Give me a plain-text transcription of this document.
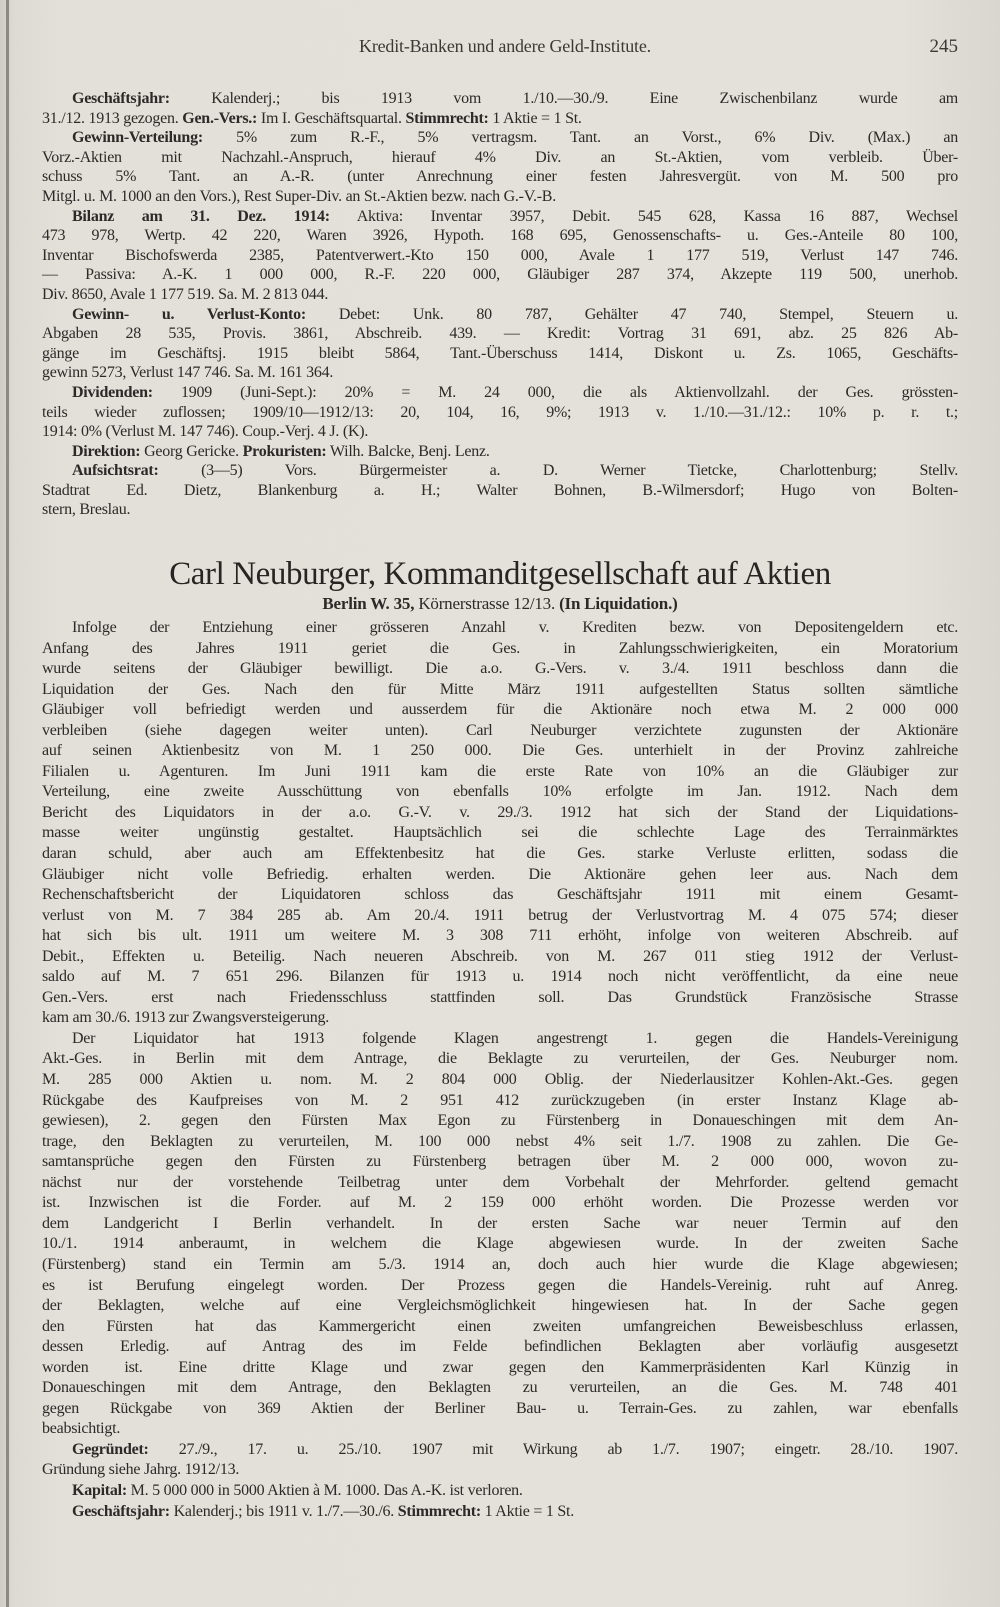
Kredit-Banken und andere Geld-Institute.	245
Geschäftsjahr: Kalenderj.; bis 1913 vom 1./10.—30./9. Eine Zwischenbilanz wurde am
31./12. 1913 gezogen. Gen.-Vers.: Im I. Geschäftsquartal. Stimmrecht: 1 Aktie = 1 St.
Gewinn-Verteilung: 5% zum R.-F., 5% vertragsm. Tant. an Vorst., 6% Div. (Max.) an
Vorz.-Aktien mit Nachzahl.-Anspruch, hierauf 4% Div. an St.-Aktien, vom verbleib. Über-
schuss 5% Tant. an A.-R. (unter Anrechnung einer festen Jahresvergüt. von M. 500 pro
Mitgl. u. M. 1000 an den Vors.), Rest Super-Div. an St.-Aktien bezw. nach G.-V.-B.
Bilanz am 31. Dez. 1914: Aktiva: Inventar 3957, Debit. 545 628, Kassa 16 887, Wechsel
473 978, Wertp. 42 220, Waren 3926, Hypoth. 168 695, Genossenschafts- u. Ges.-Anteile 80 100,
Inventar Bischofswerda 2385, Patentverwert.-Kto 150 000, Avale 1 177 519, Verlust 147 746.
— Passiva: A.-K. 1 000 000, R.-F. 220 000, Gläubiger 287 374, Akzepte 119 500, unerhob.
Div. 8650, Avale 1 177 519. Sa. M. 2 813 044.
Gewinn- u. Verlust-Konto: Debet: Unk. 80 787, Gehälter 47 740, Stempel, Steuern u.
Abgaben 28 535, Provis. 3861, Abschreib. 439. — Kredit: Vortrag 31 691, abz. 25 826 Ab-
gänge im Geschäftsj. 1915 bleibt 5864, Tant.-Überschuss 1414, Diskont u. Zs. 1065, Geschäfts-
gewinn 5273, Verlust 147 746. Sa. M. 161 364.
Dividenden: 1909 (Juni-Sept.): 20% = M. 24 000, die als Aktienvollzahl. der Ges. grössten-
teils wieder zuflossen; 1909/10—1912/13: 20, 104, 16, 9%; 1913 v. 1./10.—31./12.: 10% p. r. t.;
1914: 0% (Verlust M. 147 746). Coup.-Verj. 4 J. (K).
Direktion: Georg Gericke. Prokuristen: Wilh. Balcke, Benj. Lenz.
Aufsichtsrat: (3—5) Vors. Bürgermeister a. D. Werner Tietcke, Charlottenburg; Stellv.
Stadtrat Ed. Dietz, Blankenburg a. H.; Walter Bohnen, B.-Wilmersdorf; Hugo von Bolten-
stern, Breslau.
Carl Neuburger, Kommanditgesellschaft auf Aktien
Berlin W. 35, Körnerstrasse 12/13. (In Liquidation.)
Infolge der Entziehung einer grösseren Anzahl v. Krediten bezw. von Depositengeldern etc.
Anfang des Jahres 1911 geriet die Ges. in Zahlungsschwierigkeiten, ein Moratorium
wurde seitens der Gläubiger bewilligt. Die a.o. G.-Vers. v. 3./4. 1911 beschloss dann die
Liquidation der Ges. Nach den für Mitte März 1911 aufgestellten Status sollten sämtliche
Gläubiger voll befriedigt werden und ausserdem für die Aktionäre noch etwa M. 2 000 000
verbleiben (siehe dagegen weiter unten). Carl Neuburger verzichtete zugunsten der Aktionäre
auf seinen Aktienbesitz von M. 1 250 000. Die Ges. unterhielt in der Provinz zahlreiche
Filialen u. Agenturen. Im Juni 1911 kam die erste Rate von 10% an die Gläubiger zur
Verteilung, eine zweite Ausschüttung von ebenfalls 10% erfolgte im Jan. 1912. Nach dem
Bericht des Liquidators in der a.o. G.-V. v. 29./3. 1912 hat sich der Stand der Liquidations-
masse weiter ungünstig gestaltet. Hauptsächlich sei die schlechte Lage des Terrainmärktes
daran schuld, aber auch am Effektenbesitz hat die Ges. starke Verluste erlitten, sodass die
Gläubiger nicht volle Befriedig. erhalten werden. Die Aktionäre gehen leer aus. Nach dem
Rechenschaftsbericht der Liquidatoren schloss das Geschäftsjahr 1911 mit einem Gesamt-
verlust von M. 7 384 285 ab. Am 20./4. 1911 betrug der Verlustvortrag M. 4 075 574; dieser
hat sich bis ult. 1911 um weitere M. 3 308 711 erhöht, infolge von weiteren Abschreib. auf
Debit., Effekten u. Beteilig. Nach neueren Abschreib. von M. 267 011 stieg 1912 der Verlust-
saldo auf M. 7 651 296. Bilanzen für 1913 u. 1914 noch nicht veröffentlicht, da eine neue
Gen.-Vers. erst nach Friedensschluss stattfinden soll. Das Grundstück Französische Strasse
kam am 30./6. 1913 zur Zwangsversteigerung.
Der Liquidator hat 1913 folgende Klagen angestrengt 1. gegen die Handels-Vereinigung
Akt.-Ges. in Berlin mit dem Antrage, die Beklagte zu verurteilen, der Ges. Neuburger nom.
M. 285 000 Aktien u. nom. M. 2 804 000 Oblig. der Niederlausitzer Kohlen-Akt.-Ges. gegen
Rückgabe des Kaufpreises von M. 2 951 412 zurückzugeben (in erster Instanz Klage ab-
gewiesen), 2. gegen den Fürsten Max Egon zu Fürstenberg in Donaueschingen mit dem An-
trage, den Beklagten zu verurteilen, M. 100 000 nebst 4% seit 1./7. 1908 zu zahlen. Die Ge-
samtansprüche gegen den Fürsten zu Fürstenberg betragen über M. 2 000 000, wovon zu-
nächst nur der vorstehende Teilbetrag unter dem Vorbehalt der Mehrforder. geltend gemacht
ist. Inzwischen ist die Forder. auf M. 2 159 000 erhöht worden. Die Prozesse werden vor
dem Landgericht I Berlin verhandelt. In der ersten Sache war neuer Termin auf den
10./1. 1914 anberaumt, in welchem die Klage abgewiesen wurde. In der zweiten Sache
(Fürstenberg) stand ein Termin am 5./3. 1914 an, doch auch hier wurde die Klage abgewiesen;
es ist Berufung eingelegt worden. Der Prozess gegen die Handels-Vereinig. ruht auf Anreg.
der Beklagten, welche auf eine Vergleichsmöglichkeit hingewiesen hat. In der Sache gegen
den Fürsten hat das Kammergericht einen zweiten umfangreichen Beweisbeschluss erlassen,
dessen Erledig. auf Antrag des im Felde befindlichen Beklagten aber vorläufig ausgesetzt
worden ist. Eine dritte Klage und zwar gegen den Kammerpräsidenten Karl Künzig in
Donaueschingen mit dem Antrage, den Beklagten zu verurteilen, an die Ges. M. 748 401
gegen Rückgabe von 369 Aktien der Berliner Bau- u. Terrain-Ges. zu zahlen, war ebenfalls
beabsichtigt.
Gegründet: 27./9., 17. u. 25./10. 1907 mit Wirkung ab 1./7. 1907; eingetr. 28./10. 1907.
Gründung siehe Jahrg. 1912/13.
Kapital: M. 5 000 000 in 5000 Aktien à M. 1000. Das A.-K. ist verloren.
Geschäftsjahr: Kalenderj.; bis 1911 v. 1./7.—30./6. Stimmrecht: 1 Aktie = 1 St.
